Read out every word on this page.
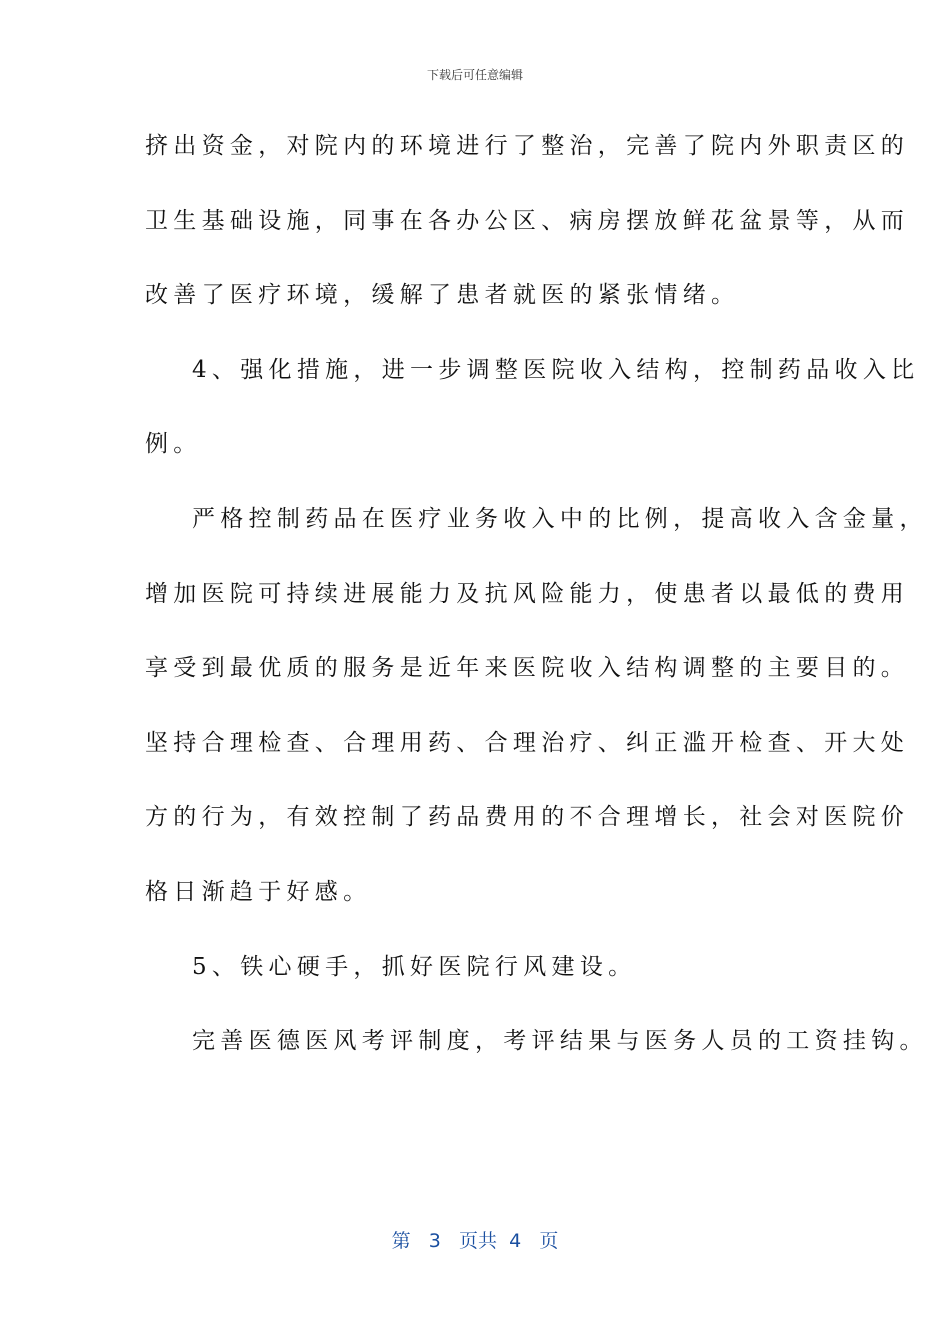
下载后可任意编辑
挤出资金，对院内的环境进行了整治，完善了院内外职责区的
卫生基础设施，同事在各办公区、病房摆放鲜花盆景等，从而
改善了医疗环境，缓解了患者就医的紧张情绪。
4、强化措施，进一步调整医院收入结构，控制药品收入比
例。
严格控制药品在医疗业务收入中的比例，提高收入含金量，
增加医院可持续进展能力及抗风险能力，使患者以最低的费用
享受到最优质的服务是近年来医院收入结构调整的主要目的。
坚持合理检查、合理用药、合理治疗、纠正滥开检查、开大处
方的行为，有效控制了药品费用的不合理增长，社会对医院价
格日渐趋于好感。
5、铁心硬手，抓好医院行风建设。
完善医德医风考评制度，考评结果与医务人员的工资挂钩。
第 3 页共 4 页
